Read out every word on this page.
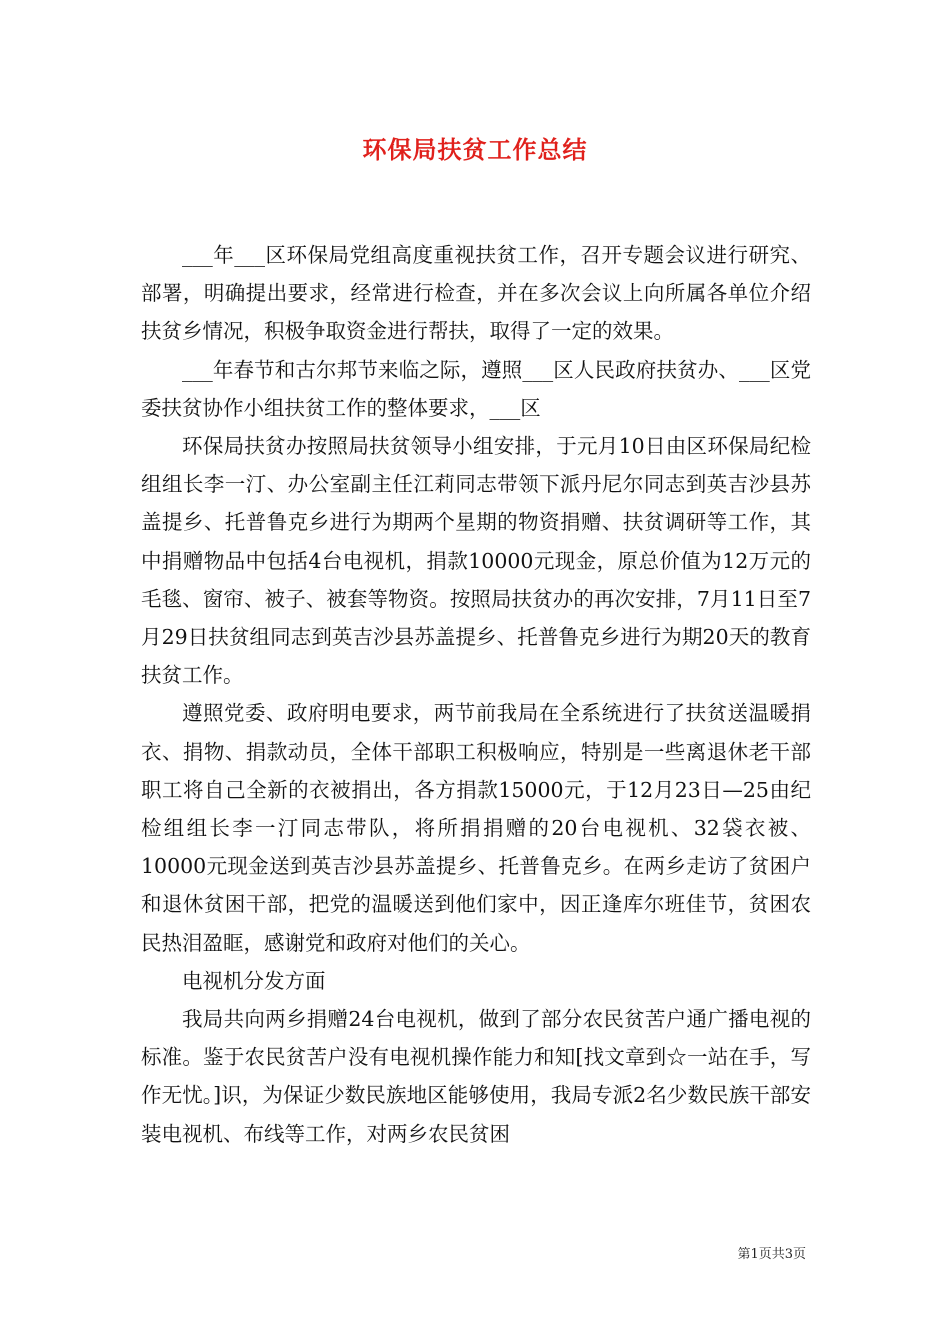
环保局扶贫工作总结

___年___区环保局党组高度重视扶贫工作，召开专题会议进行研究、部署，明确提出要求，经常进行检查，并在多次会议上向所属各单位介绍扶贫乡情况，积极争取资金进行帮扶，取得了一定的效果。

___年春节和古尔邦节来临之际，遵照___区人民政府扶贫办、___区党委扶贫协作小组扶贫工作的整体要求，___区

环保局扶贫办按照局扶贫领导小组安排，于元月10日由区环保局纪检组组长李一汀、办公室副主任江莉同志带领下派丹尼尔同志到英吉沙县苏盖提乡、托普鲁克乡进行为期两个星期的物资捐赠、扶贫调研等工作，其中捐赠物品中包括4台电视机，捐款10000元现金，原总价值为12万元的毛毯、窗帘、被子、被套等物资。按照局扶贫办的再次安排，7月11日至7月29日扶贫组同志到英吉沙县苏盖提乡、托普鲁克乡进行为期20天的教育扶贫工作。

遵照党委、政府明电要求，两节前我局在全系统进行了扶贫送温暖捐衣、捐物、捐款动员，全体干部职工积极响应，特别是一些离退休老干部职工将自己全新的衣被捐出，各方捐款15000元，于12月23日—25由纪检组组长李一汀同志带队，将所捐捐赠的20台电视机、32袋衣被、10000元现金送到英吉沙县苏盖提乡、托普鲁克乡。在两乡走访了贫困户和退休贫困干部，把党的温暖送到他们家中，因正逢库尔班佳节，贫困农民热泪盈眶，感谢党和政府对他们的关心。

电视机分发方面

我局共向两乡捐赠24台电视机，做到了部分农民贫苦户通广播电视的标准。鉴于农民贫苦户没有电视机操作能力和知[找文章到☆一站在手，写作无忧。]识，为保证少数民族地区能够使用，我局专派2名少数民族干部安装电视机、布线等工作，对两乡农民贫困

第1页共3页
